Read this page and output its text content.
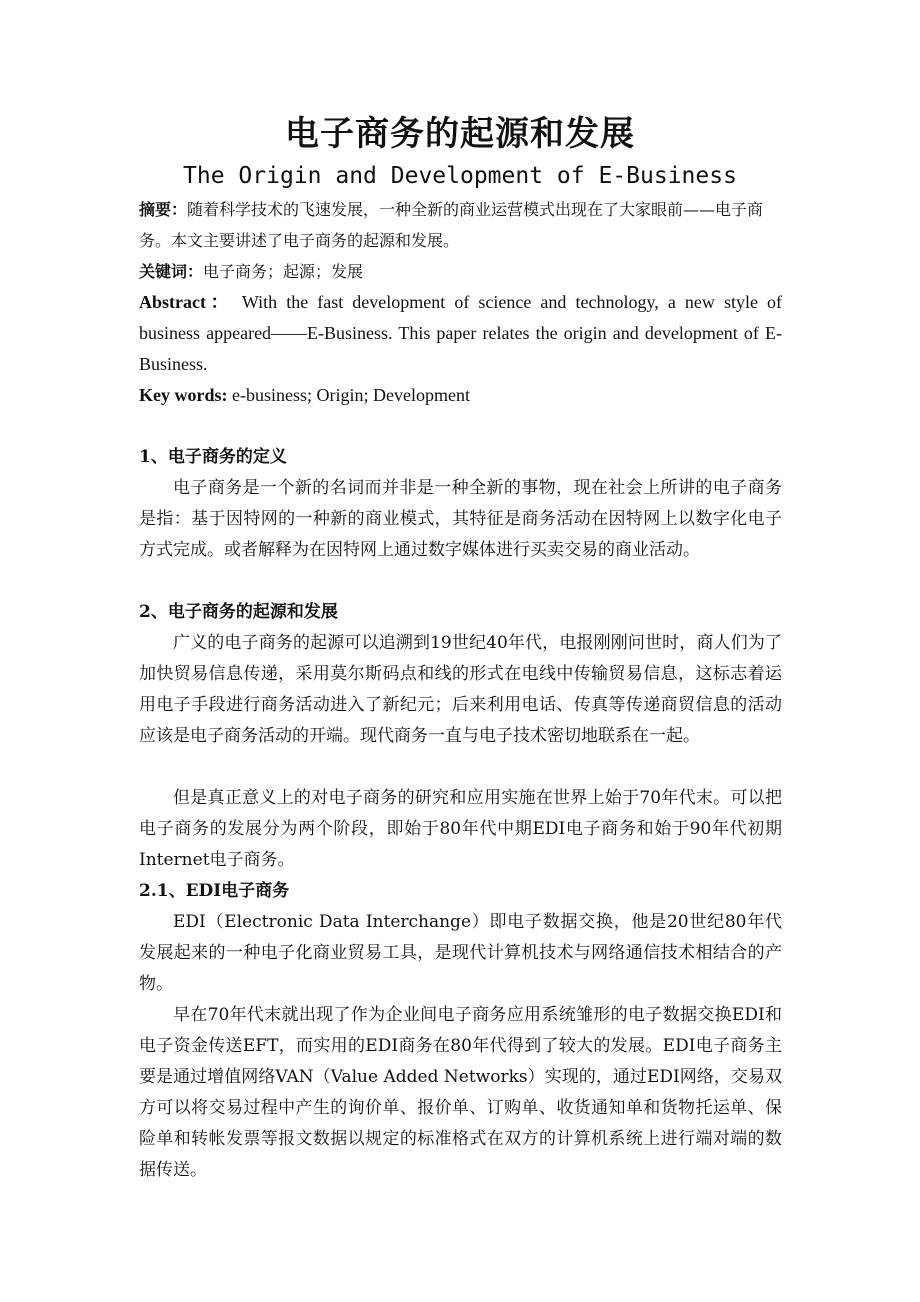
电子商务的起源和发展
The Origin and Development of E-Business
摘要：随着科学技术的飞速发展，一种全新的商业运营模式出现在了大家眼前——电子商务。本文主要讲述了电子商务的起源和发展。
关键词：电子商务；起源；发展
Abstract： With the fast development of science and technology, a new style of business appeared——E-Business. This paper relates the origin and development of E-Business.
Key words: e-business; Origin; Development
1、电子商务的定义
电子商务是一个新的名词而并非是一种全新的事物，现在社会上所讲的电子商务是指：基于因特网的一种新的商业模式，其特征是商务活动在因特网上以数字化电子方式完成。或者解释为在因特网上通过数字媒体进行买卖交易的商业活动。
2、电子商务的起源和发展
广义的电子商务的起源可以追溯到19世纪40年代，电报刚刚问世时，商人们为了加快贸易信息传递，采用莫尔斯码点和线的形式在电线中传输贸易信息，这标志着运用电子手段进行商务活动进入了新纪元；后来利用电话、传真等传递商贸信息的活动应该是电子商务活动的开端。现代商务一直与电子技术密切地联系在一起。
但是真正意义上的对电子商务的研究和应用实施在世界上始于70年代末。可以把电子商务的发展分为两个阶段，即始于80年代中期EDI电子商务和始于90年代初期Internet电子商务。
2.1、EDI电子商务
EDI（Electronic Data Interchange）即电子数据交换，他是20世纪80年代发展起来的一种电子化商业贸易工具，是现代计算机技术与网络通信技术相结合的产物。
早在70年代末就出现了作为企业间电子商务应用系统雏形的电子数据交换EDI和电子资金传送EFT，而实用的EDI商务在80年代得到了较大的发展。EDI电子商务主要是通过增值网络VAN（Value Added Networks）实现的，通过EDI网络，交易双方可以将交易过程中产生的询价单、报价单、订购单、收货通知单和货物托运单、保险单和转帐发票等报文数据以规定的标准格式在双方的计算机系统上进行端对端的数据传送。
